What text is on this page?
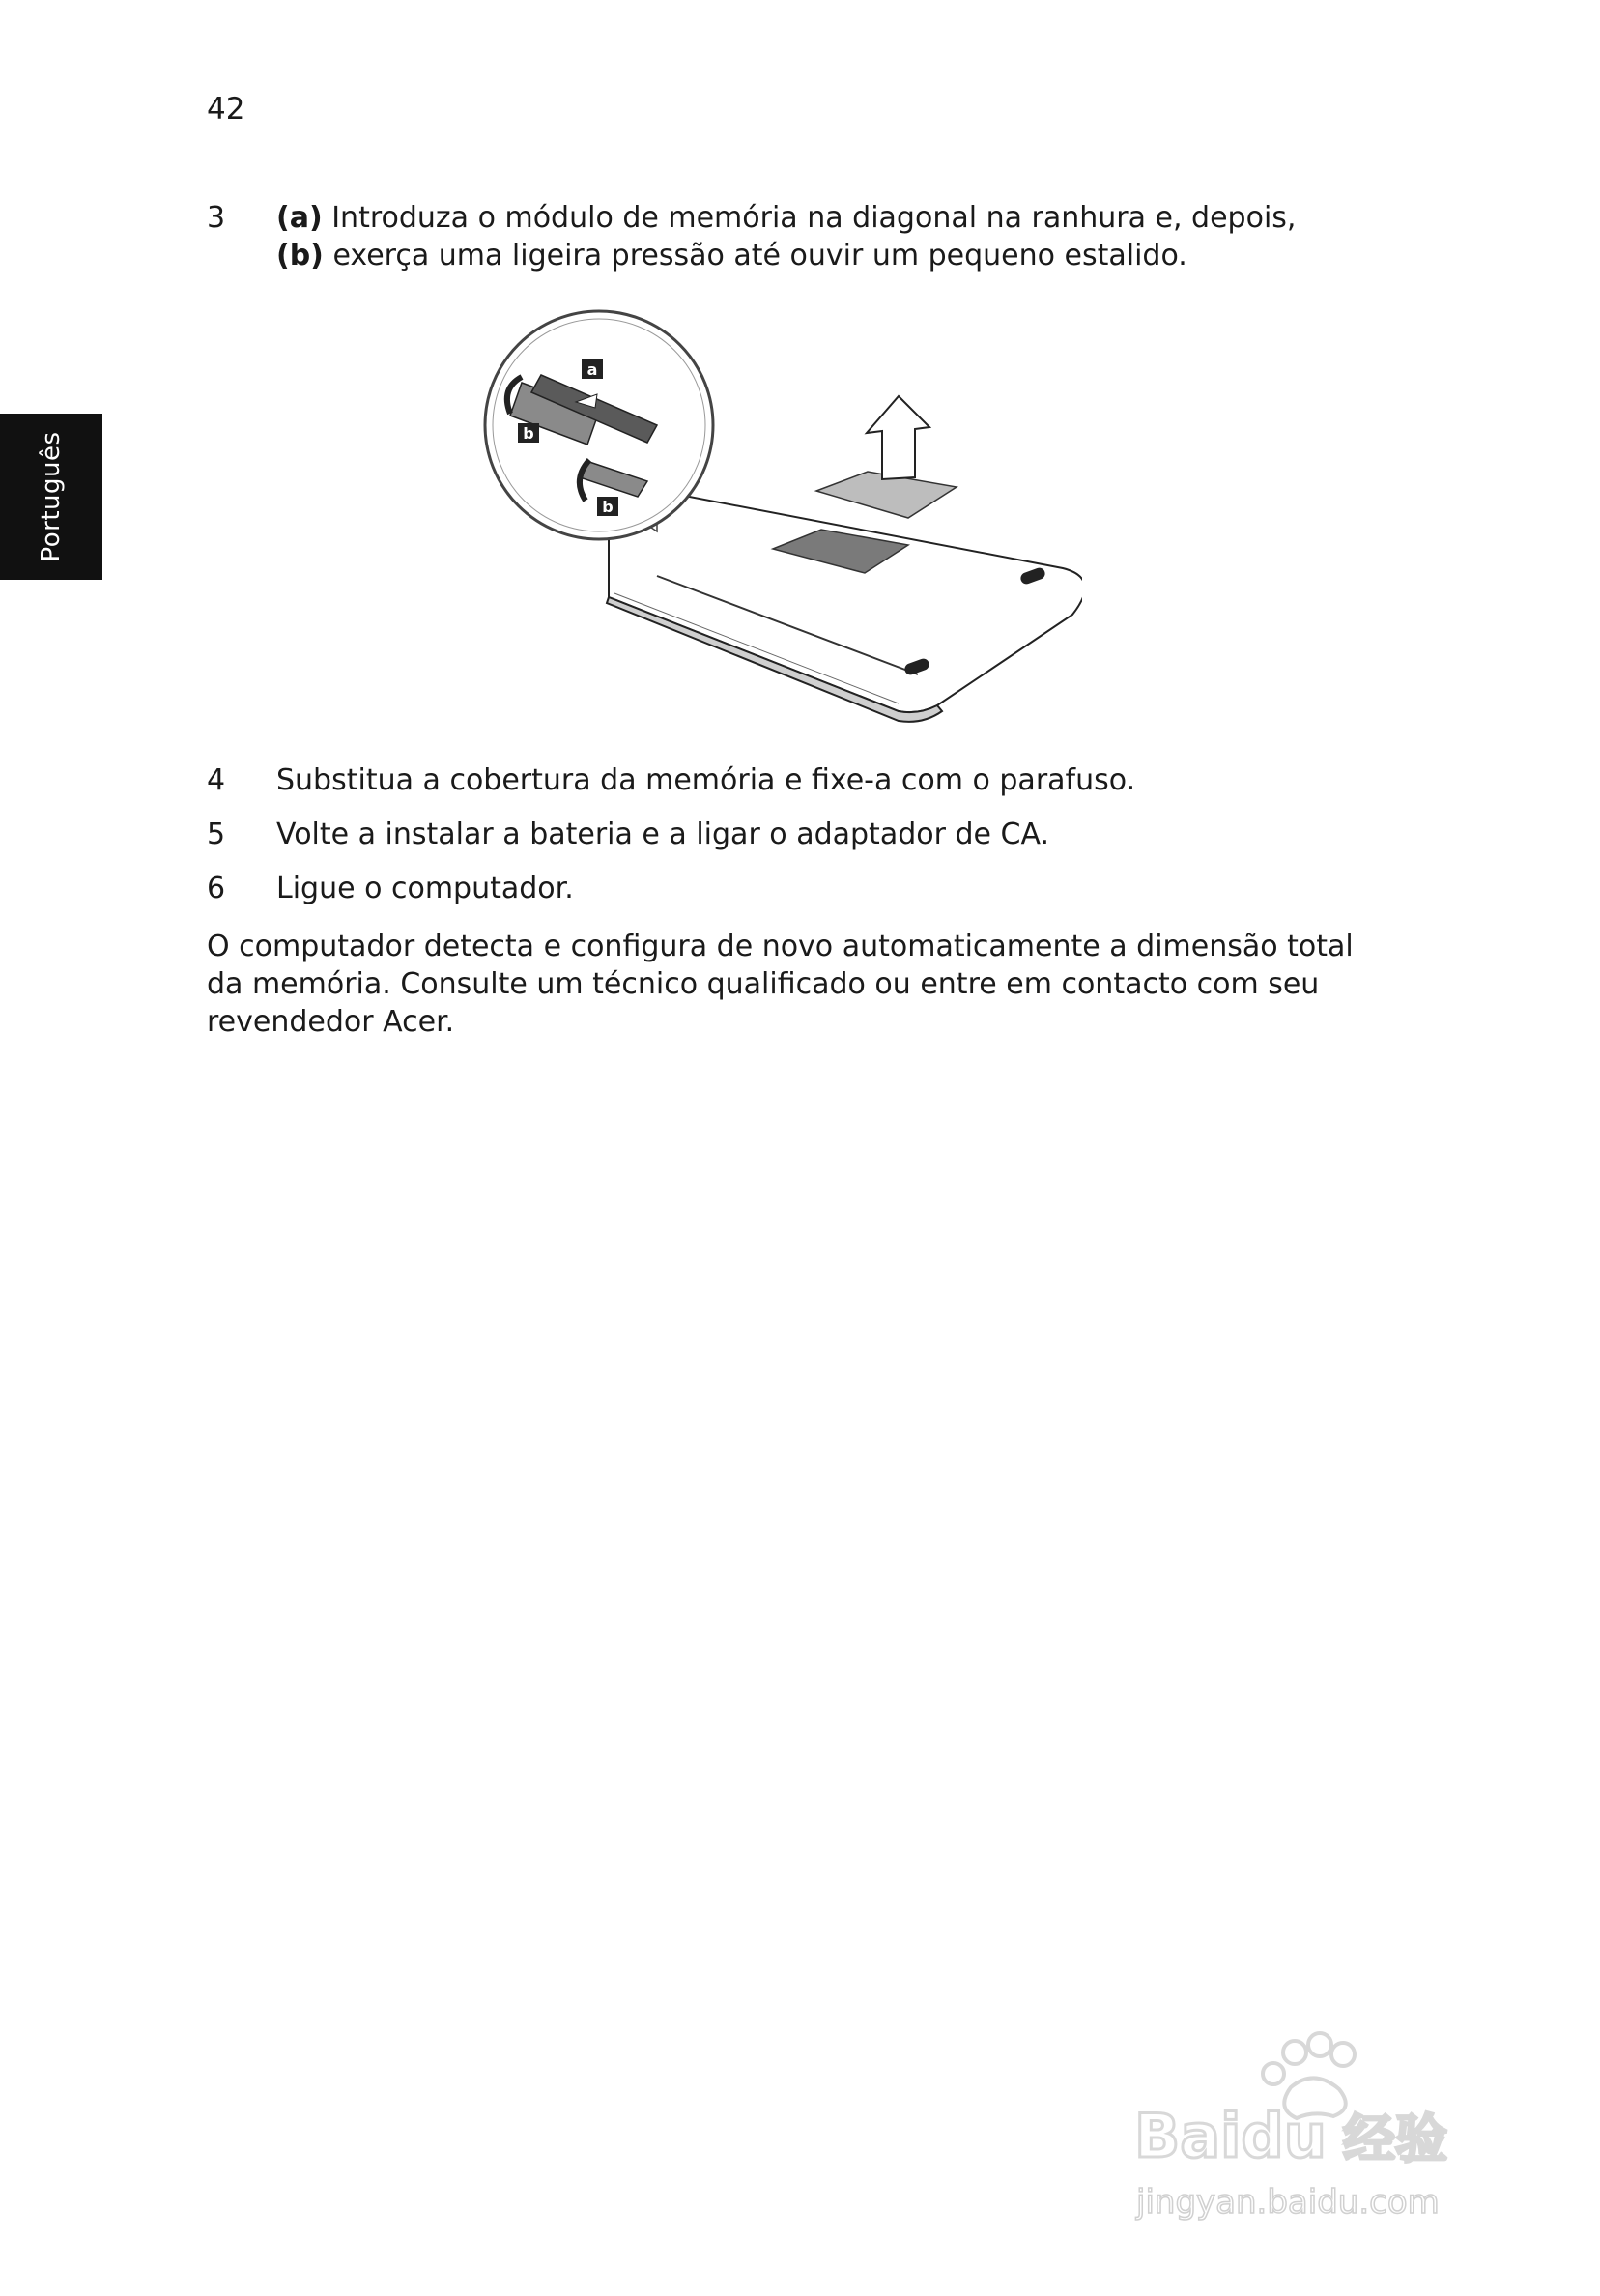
42
Português
3	(a) Introduza o módulo de memória na diagonal na ranhura e, depois,
(b) exerça uma ligeira pressão até ouvir um pequeno estalido.
a
b
b
4	Substitua a cobertura da memória e fixe-a com o parafuso.
5	Volte a instalar a bateria e a ligar o adaptador de CA.
6	Ligue o computador.
O computador detecta e configura de novo automaticamente a dimensão total
da memória. Consulte um técnico qualificado ou entre em contacto com seu
revendedor Acer.
Baidu 经验
jingyan.baidu.com
